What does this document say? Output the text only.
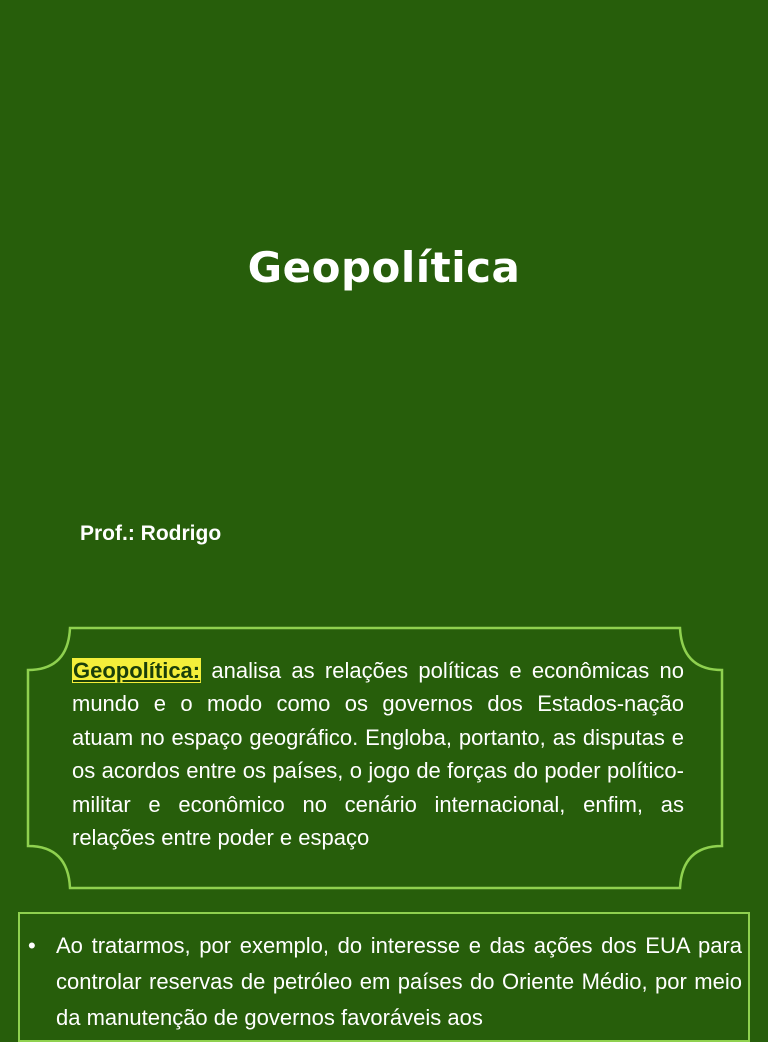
Geopolítica
Prof.: Rodrigo
Geopolítica: analisa as relações políticas e econômicas no mundo e o modo como os governos dos Estados-nação atuam no espaço geográfico. Engloba, portanto, as disputas e os acordos entre os países, o jogo de forças do poder político-militar e econômico no cenário internacional, enfim, as relações entre poder e espaço
• Ao tratarmos, por exemplo, do interesse e das ações dos EUA para controlar reservas de petróleo em países do Oriente Médio, por meio da manutenção de governos favoráveis aos
